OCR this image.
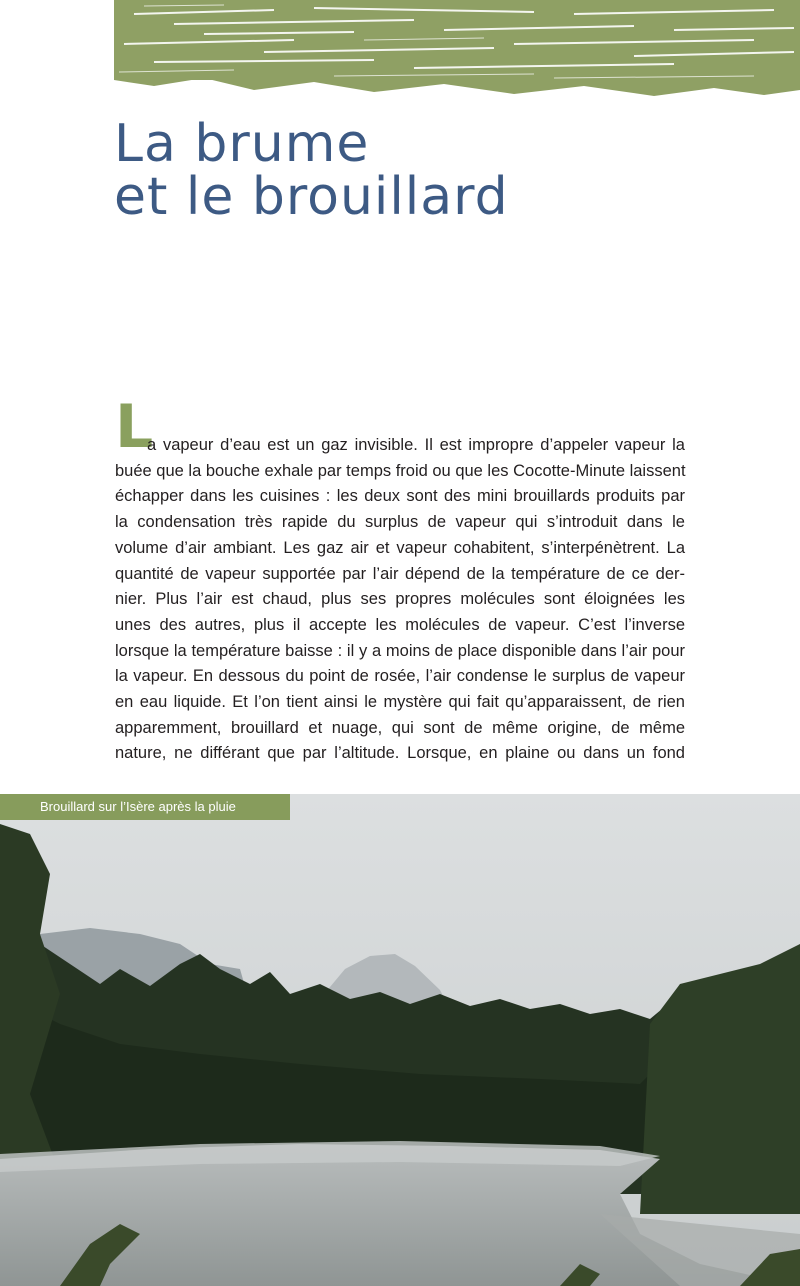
La brume
et le brouillard
L
a vapeur d’eau est un gaz invisible. Il est impropre d’appeler vapeur la
buée que la bouche exhale par temps froid ou que les Cocotte-Minute laissent
échapper dans les cuisines : les deux sont des mini brouillards produits par
la condensation très rapide du surplus de vapeur qui s’introduit dans le
volume d’air ambiant. Les gaz air et vapeur cohabitent, s’interpénètrent. La
quantité de vapeur supportée par l’air dépend de la température de ce der-
nier. Plus l’air est chaud, plus ses propres molécules sont éloignées les
unes des autres, plus il accepte les molécules de vapeur. C’est l’inverse
lorsque la température baisse : il y a moins de place disponible dans l’air pour
la vapeur. En dessous du point de rosée, l’air condense le surplus de vapeur
en eau liquide. Et l’on tient ainsi le mystère qui fait qu’apparaissent, de rien
apparemment, brouillard et nuage, qui sont de même origine, de même
nature, ne différant que par l’altitude. Lorsque, en plaine ou dans un fond
Brouillard sur l’Isère après la pluie
